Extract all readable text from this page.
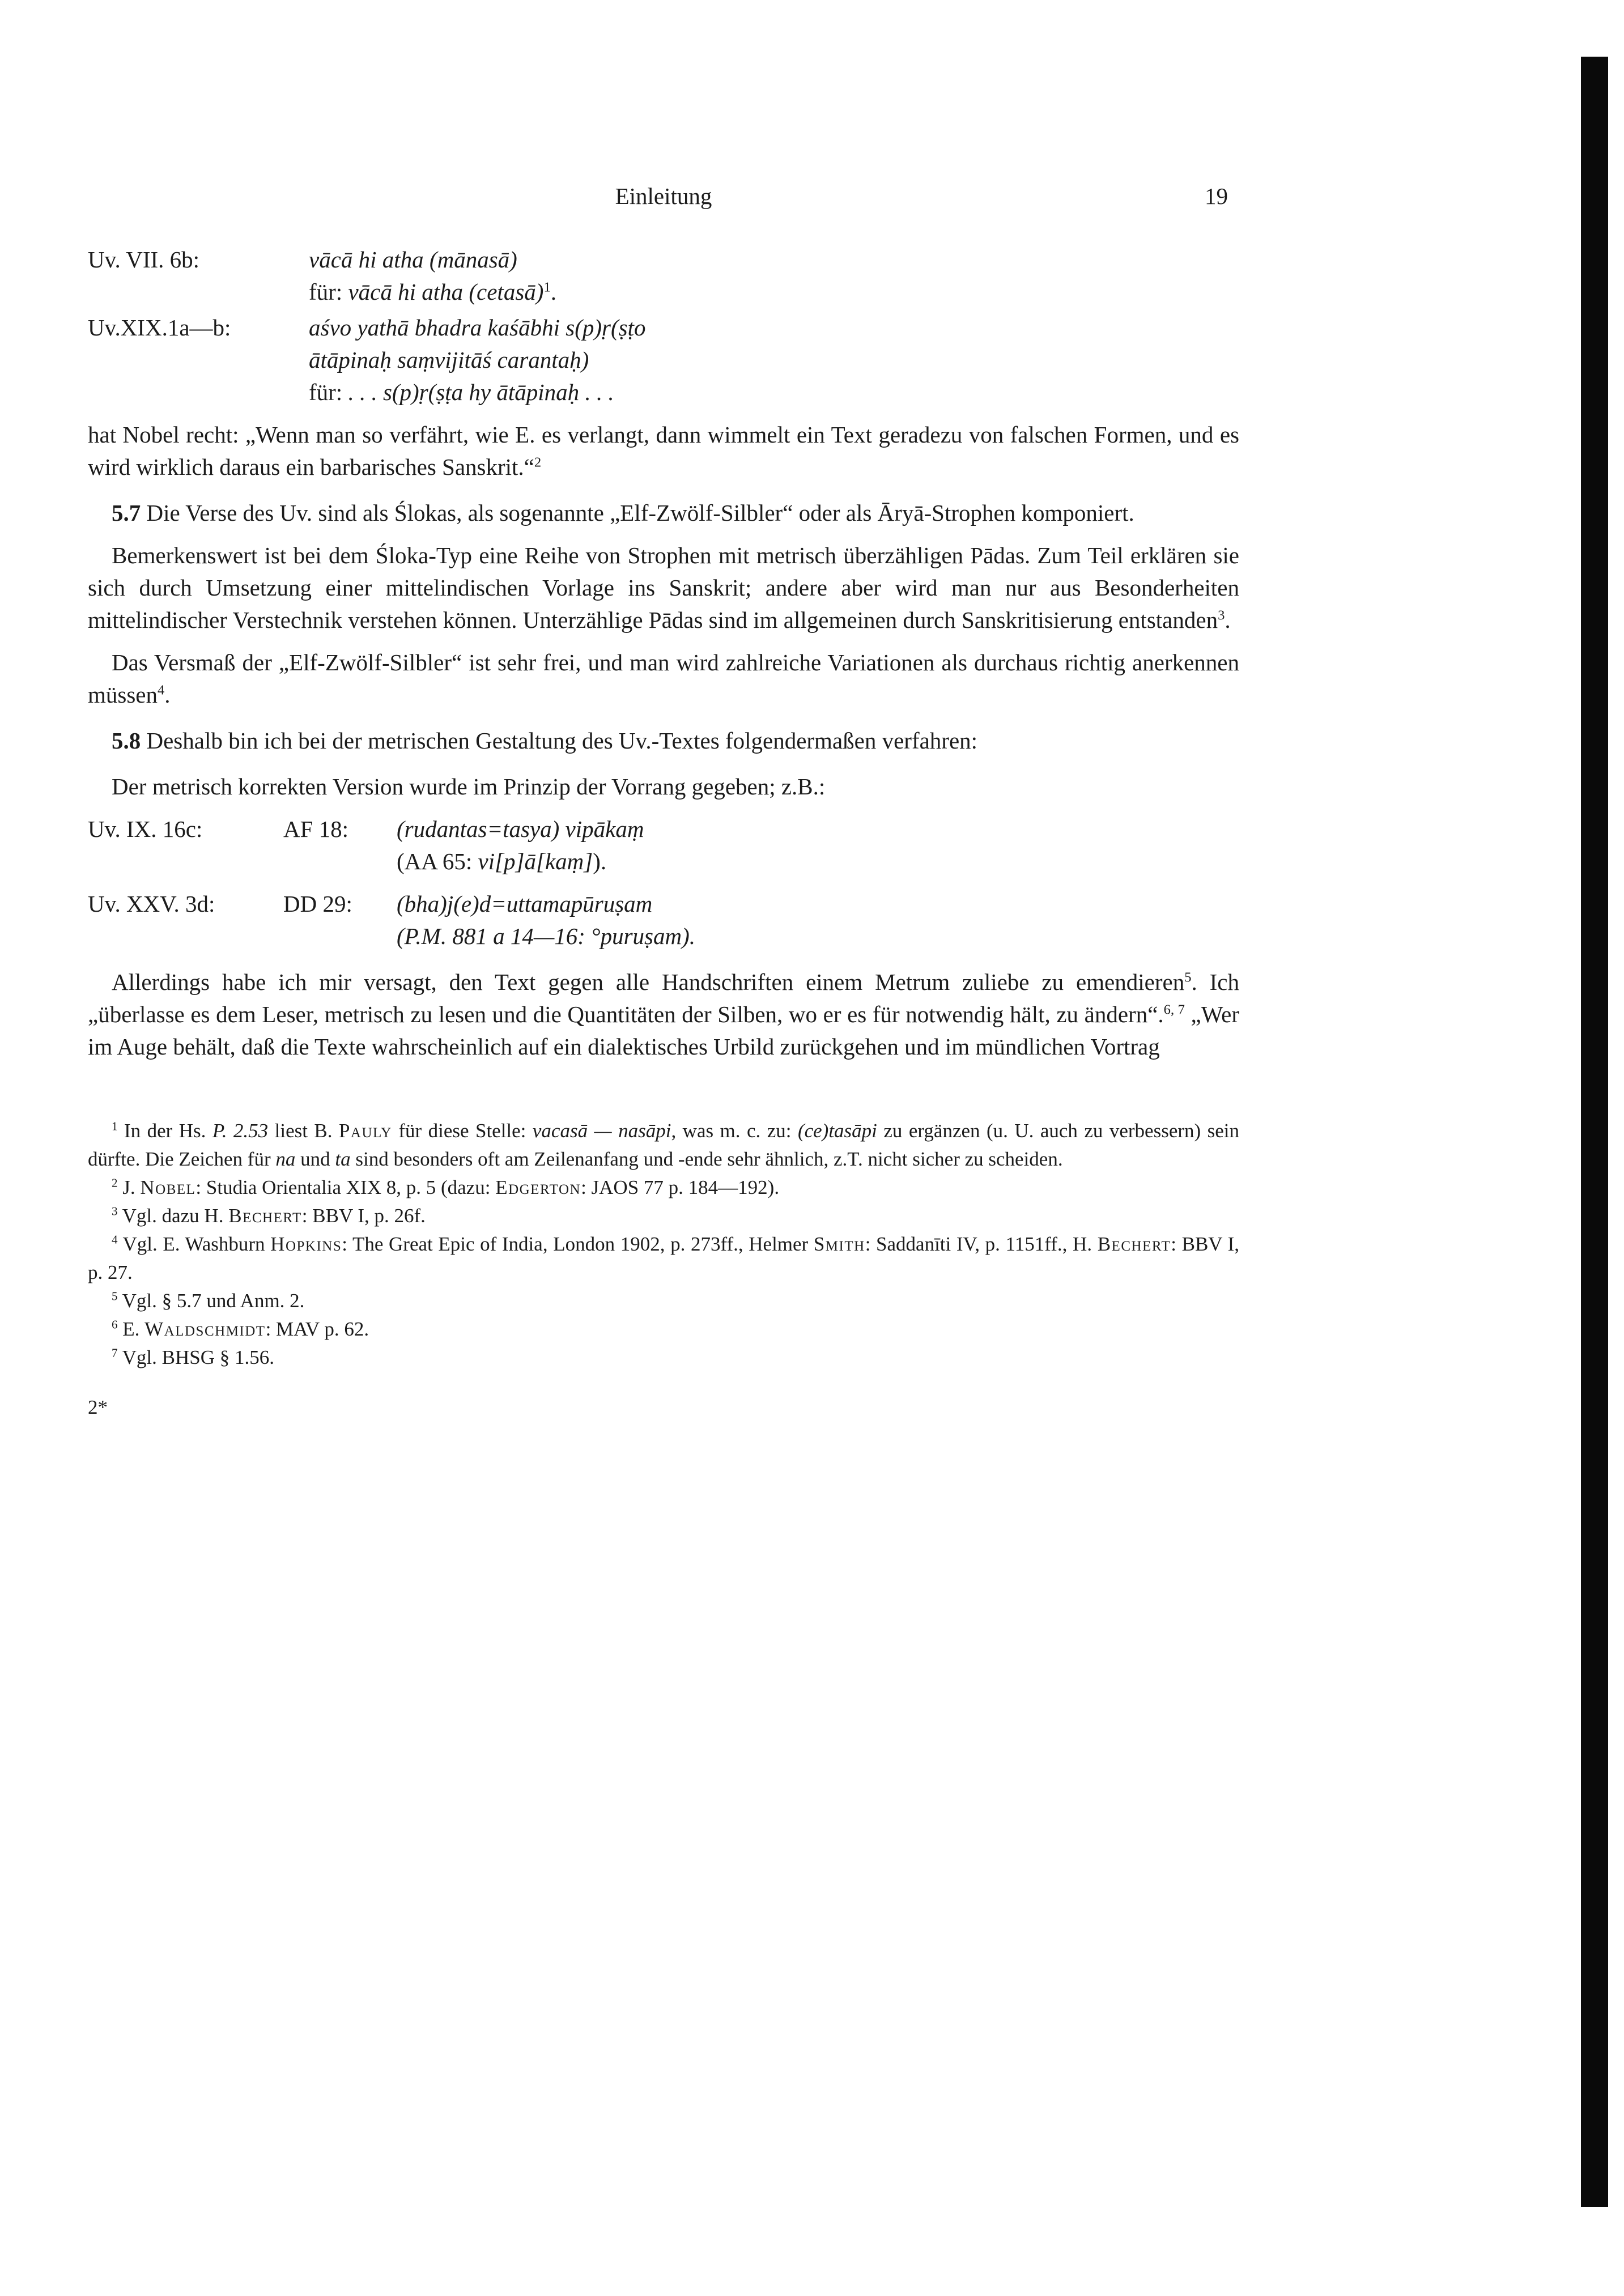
Einleitung	19
Uv. VII. 6b:	vācā hi atha (mānasā)
für: vācā hi atha (cetasā)$^1$.
Uv.XIX.1a—b:	aśvo yathā bhadra kaśābhi s(p)ṛ(ṣṭo
ātāpinaḥ saṃvijitāś carantaḥ)
für: . . . s(p)ṛ(ṣṭa hy ātāpinaḥ . . .

hat Nobel recht: „Wenn man so verfährt, wie E. es verlangt, dann wimmelt ein Text geradezu von falschen Formen, und es wird wirklich daraus ein barbarisches Sanskrit.“$^2$

5.7 Die Verse des Uv. sind als Ślokas, als sogenannte „Elf-Zwölf-Silbler“ oder als Āryā-Strophen komponiert.

Bemerkenswert ist bei dem Śloka-Typ eine Reihe von Strophen mit metrisch überzähligen Pādas. Zum Teil erklären sie sich durch Umsetzung einer mittelindischen Vorlage ins Sanskrit; andere aber wird man nur aus Besonderheiten mittelindischer Verstechnik verstehen können. Unterzählige Pādas sind im allgemeinen durch Sanskritisierung entstanden$^3$.

Das Versmaß der „Elf-Zwölf-Silbler“ ist sehr frei, und man wird zahlreiche Variationen als durchaus richtig anerkennen müssen$^4$.

5.8 Deshalb bin ich bei der metrischen Gestaltung des Uv.-Textes folgendermaßen verfahren:

Der metrisch korrekten Version wurde im Prinzip der Vorrang gegeben; z.B.:

Uv. IX. 16c:	AF 18:	(rudantas=tasya) vipākaṃ
(AA 65: vi[p]ā[kaṃ]).
Uv. XXV. 3d:	DD 29:	(bha)j(e)d=uttamapūruṣam
(P.M. 881 a 14—16: °puruṣam).

Allerdings habe ich mir versagt, den Text gegen alle Handschriften einem Metrum zuliebe zu emendieren$^5$. Ich „überlasse es dem Leser, metrisch zu lesen und die Quantitäten der Silben, wo er es für notwendig hält, zu ändern“.$^{6, 7}$ „Wer im Auge behält, daß die Texte wahrscheinlich auf ein dialektisches Urbild zurückgehen und im mündlichen Vortrag

$^1$ In der Hs. P. 2.53 liest B. Pauly für diese Stelle: vacasā — nasāpi, was m. c. zu: (ce)tasāpi zu ergänzen (u. U. auch zu verbessern) sein dürfte. Die Zeichen für na und ta sind besonders oft am Zeilenanfang und -ende sehr ähnlich, z.T. nicht sicher zu scheiden.

$^2$ J. Nobel: Studia Orientalia XIX 8, p. 5 (dazu: Edgerton: JAOS 77 p. 184—192).

$^3$ Vgl. dazu H. Bechert: BBV I, p. 26f.

$^4$ Vgl. E. Washburn Hopkins: The Great Epic of India, London 1902, p. 273ff., Helmer Smith: Saddanīti IV, p. 1151ff., H. Bechert: BBV I, p. 27.

$^5$ Vgl. § 5.7 und Anm. 2.

$^6$ E. Waldschmidt: MAV p. 62.

$^7$ Vgl. BHSG § 1.56.

2*
